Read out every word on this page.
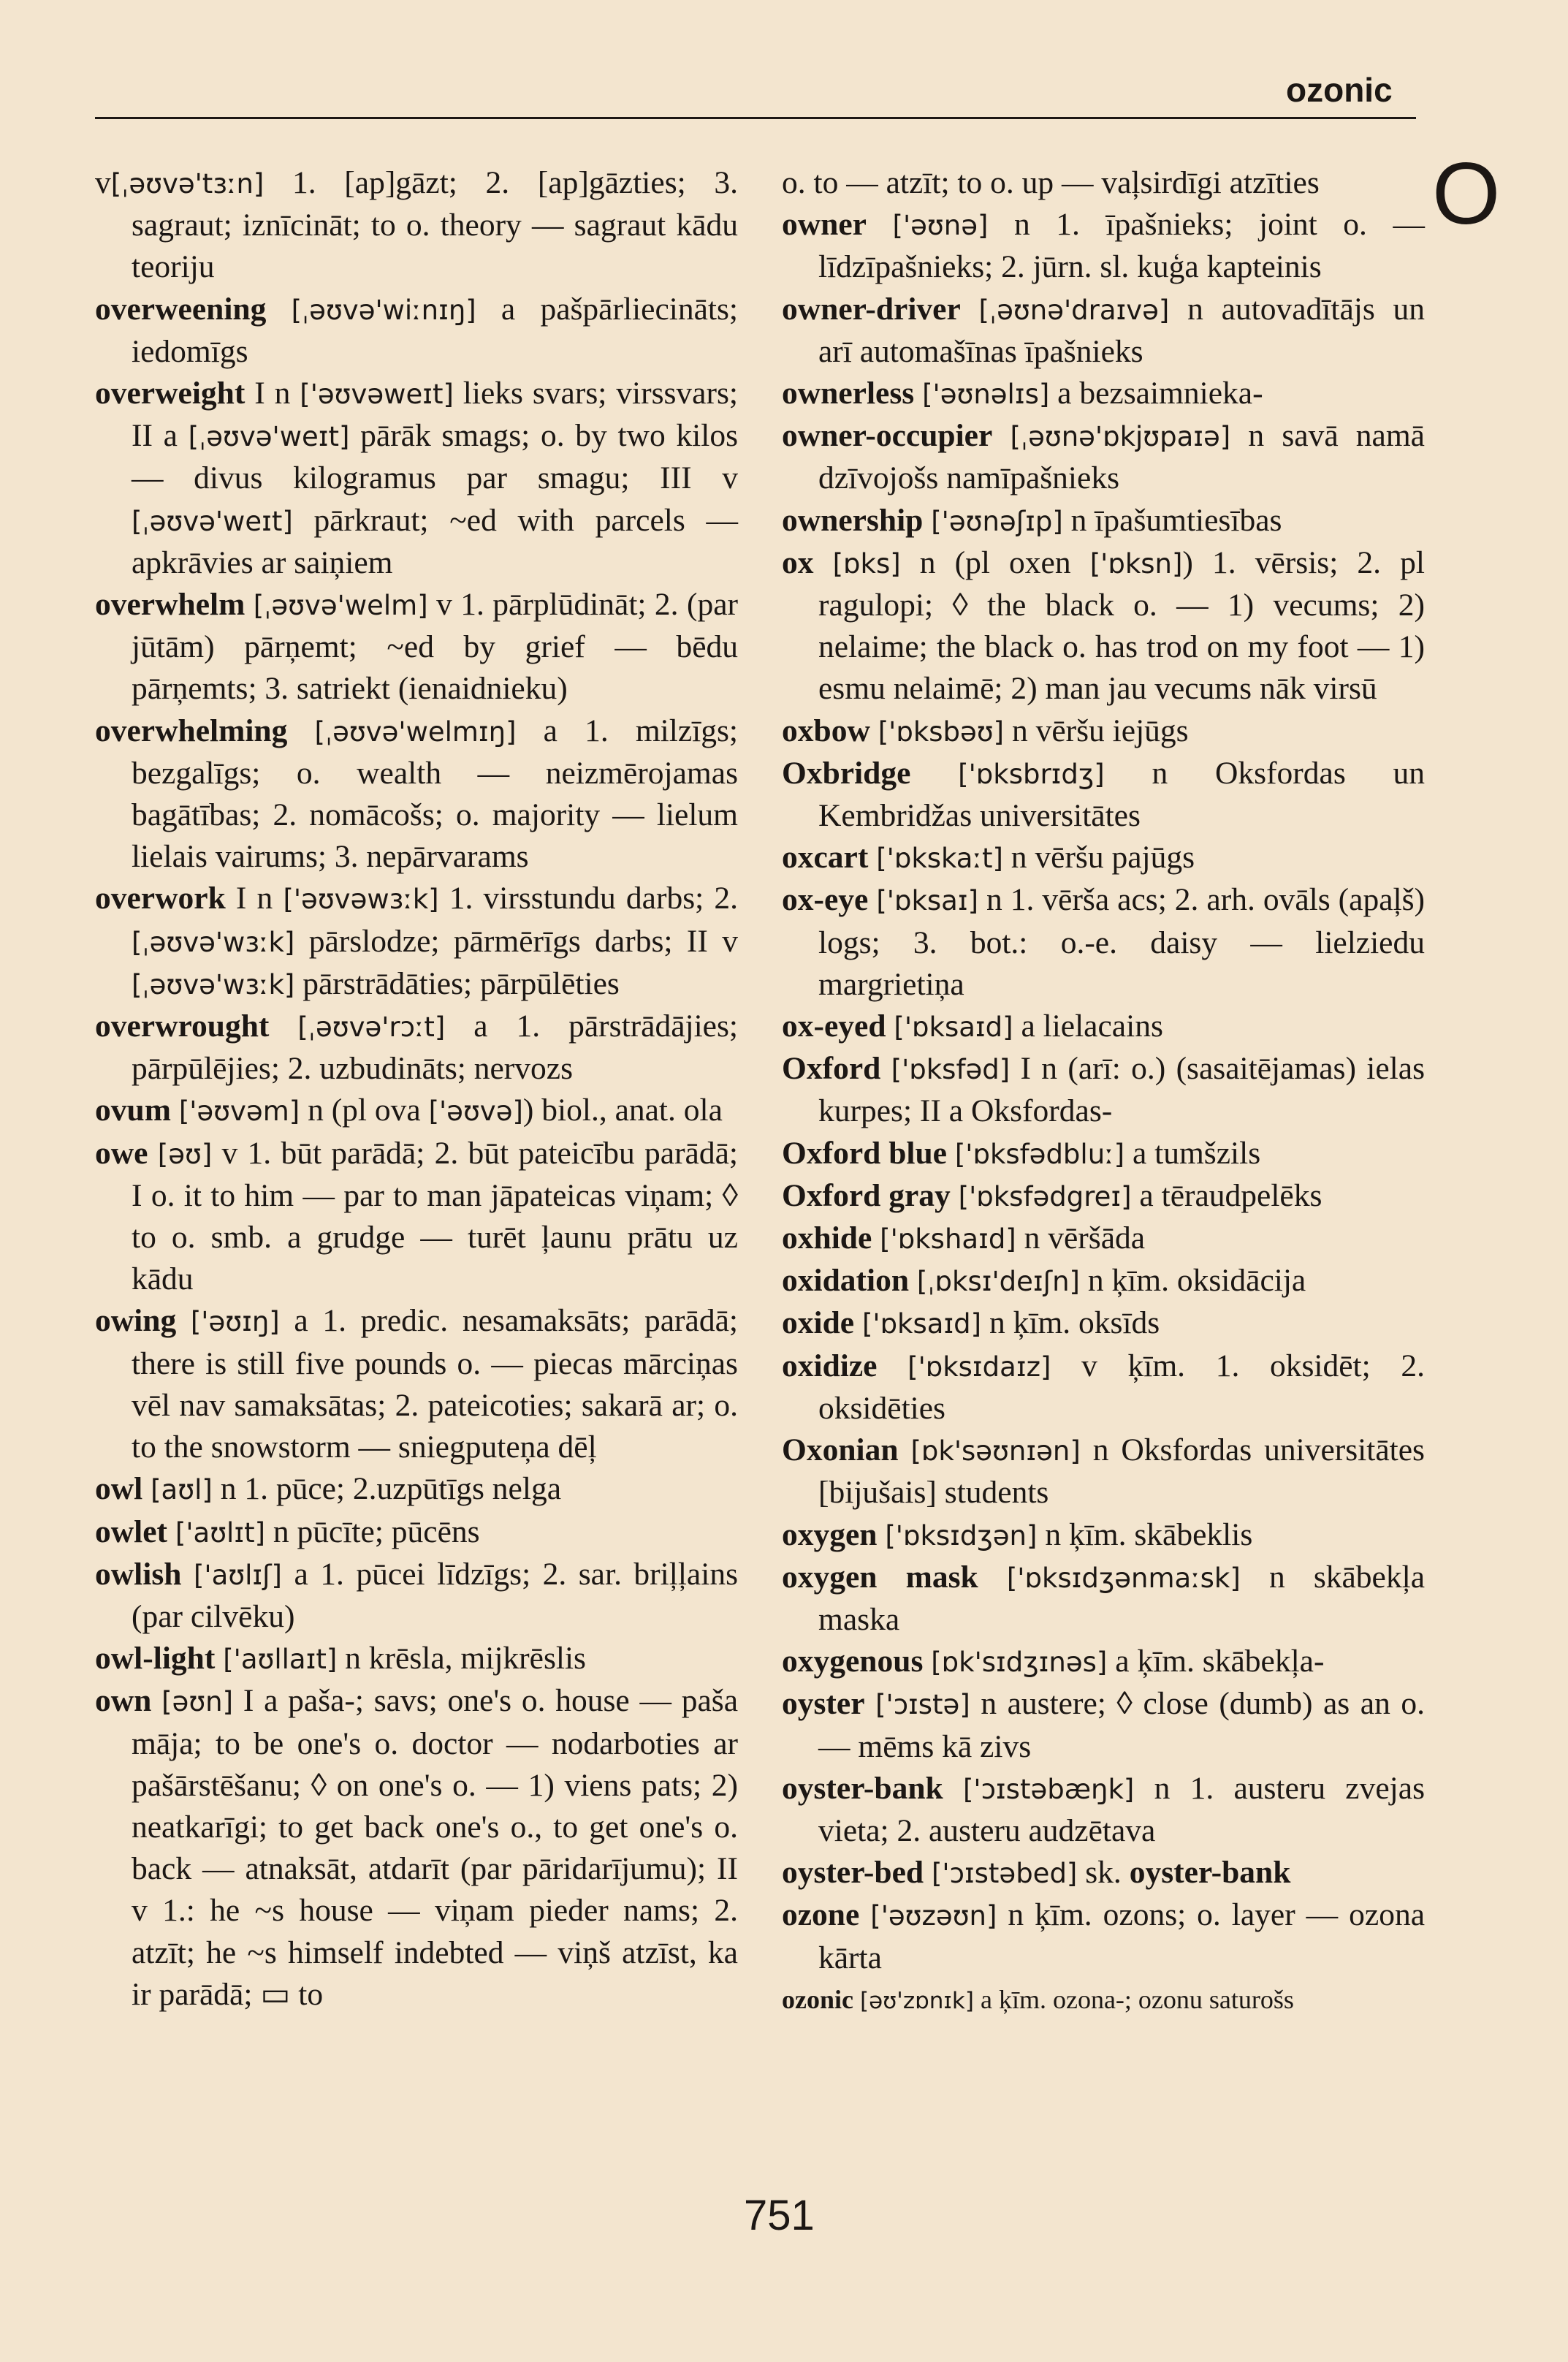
ozonic
O

v[ˌəʊvə'tɜːn] 1. [ap]gāzt; 2. [ap]gāzties; 3. sagraut; iznīcināt; to o. theory — sagraut kādu teoriju

overweening [ˌəʊvə'wiːnɪŋ] a pašpārliecināts; iedomīgs

overweight I n ['əʊvəweɪt] lieks svars; virssvars; II a [ˌəʊvə'weɪt] pārāk smags; o. by two kilos — divus kilogramus par smagu; III v [ˌəʊvə'weɪt] pārkraut; ~ed with parcels — apkrāvies ar saiņiem

overwhelm [ˌəʊvə'welm] v 1. pārplūdināt; 2. (par jūtām) pārņemt; ~ed by grief — bēdu pārņemts; 3. satriekt (ienaidnieku)

overwhelming [ˌəʊvə'welmɪŋ] a 1. milzīgs; bezgalīgs; o. wealth — neizmērojamas bagātības; 2. nomācošs; o. majority — lielum lielais vairums; 3. nepārvarams

overwork I n ['əʊvəwɜːk] 1. virsstundu darbs; 2. [ˌəʊvə'wɜːk] pārslodze; pārmērīgs darbs; II v [ˌəʊvə'wɜːk] pārstrādāties; pārpūlēties

overwrought [ˌəʊvə'rɔːt] a 1. pārstrādājies; pārpūlējies; 2. uzbudināts; nervozs

ovum ['əʊvəm] n (pl ova ['əʊvə]) biol., anat. ola

owe [əʊ] v 1. būt parādā; 2. būt pateicību parādā; I o. it to him — par to man jāpateicas viņam; ◊ to o. smb. a grudge — turēt ļaunu prātu uz kādu

owing ['əʊɪŋ] a 1. predic. nesamaksāts; parādā; there is still five pounds o. — piecas mārciņas vēl nav samaksātas; 2. pateicoties; sakarā ar; o. to the snowstorm — sniegputeņa dēļ

owl [aʊl] n 1. pūce; 2.uzpūtīgs nelga

owlet ['aʊlɪt] n pūcīte; pūcēns

owlish ['aʊlɪʃ] a 1. pūcei līdzīgs; 2. sar. briļļains (par cilvēku)

owl-light ['aʊllaɪt] n krēsla, mijkrēslis

own [əʊn] I a paša-; savs; one's o. house — paša māja; to be one's o. doctor — nodarboties ar pašārstēšanu; ◊ on one's o. — 1) viens pats; 2) neatkarīgi; to get back one's o., to get one's o. back — atnaksāt, atdarīt (par pāridarījumu); II v 1.: he ~s house — viņam pieder nams; 2. atzīt; he ~s himself indebted — viņš atzīst, ka ir parādā; ▭ to

o. to — atzīt; to o. up — vaļsirdīgi atzīties

owner ['əʊnə] n 1. īpašnieks; joint o. — līdzīpašnieks; 2. jūrn. sl. kuģa kapteinis

owner-driver [ˌəʊnə'draɪvə] n autovadītājs un arī automašīnas īpašnieks

ownerless ['əʊnəlɪs] a bezsaimnieka-

owner-occupier [ˌəʊnə'ɒkjʊpaɪə] n savā namā dzīvojošs namīpašnieks

ownership ['əʊnəʃɪp] n īpašumtiesības

ox [ɒks] n (pl oxen ['ɒksn]) 1. vērsis; 2. pl ragulopi; ◊ the black o. — 1) vecums; 2) nelaime; the black o. has trod on my foot — 1) esmu nelaimē; 2) man jau vecums nāk virsū

oxbow ['ɒksbəʊ] n vēršu iejūgs

Oxbridge ['ɒksbrɪdʒ] n Oksfordas un Kembridžas universitātes

oxcart ['ɒkskaːt] n vēršu pajūgs

ox-eye ['ɒksaɪ] n 1. vērša acs; 2. arh. ovāls (apaļš) logs; 3. bot.: o.-e. daisy — lielziedu margrietiņa

ox-eyed ['ɒksaɪd] a lielacains

Oxford ['ɒksfəd] I n (arī: o.) (sasaitējamas) ielas kurpes; II a Oksfordas-

Oxford blue ['ɒksfədbluː] a tumšzils

Oxford gray ['ɒksfədgreɪ] a tēraudpelēks

oxhide ['ɒkshaɪd] n vēršāda

oxidation [ˌɒksɪ'deɪʃn] n ķīm. oksidācija

oxide ['ɒksaɪd] n ķīm. oksīds

oxidize ['ɒksɪdaɪz] v ķīm. 1. oksidēt; 2. oksidēties

Oxonian [ɒk'səʊnɪən] n Oksfordas universitātes [bijušais] students

oxygen ['ɒksɪdʒən] n ķīm. skābeklis

oxygen mask ['ɒksɪdʒənmaːsk] n skābekļa maska

oxygenous [ɒk'sɪdʒɪnəs] a ķīm. skābekļa-

oyster ['ɔɪstə] n austere; ◊ close (dumb) as an o. — mēms kā zivs

oyster-bank ['ɔɪstəbæŋk] n 1. austeru zvejas vieta; 2. austeru audzētava

oyster-bed ['ɔɪstəbed] sk. oyster-bank

ozone ['əʊzəʊn] n ķīm. ozons; o. layer — ozona kārta

ozonic [əʊ'zɒnɪk] a ķīm. ozona-; ozonu saturošs

751
